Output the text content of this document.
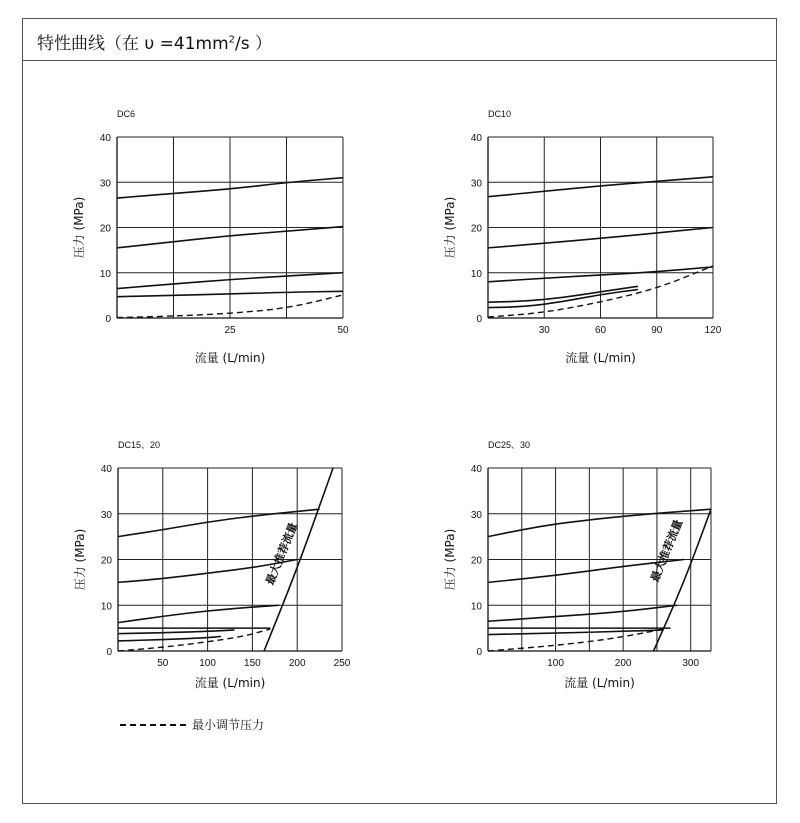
特性曲线（在 $\upsilon =41mm^2/s$ ）
0
10
20
30
40
25	50
DC6
流量 (L/min)
压力 (MPa)
0
10
20
30
40
30	60	90	120
DC10
流量 (L/min)
压力 (MPa)
0
10
20
30
40
50	100	150	200	250
DC15、20
流量 (L/min)
压力 (MPa)	最大推荐流量
0
10
20
30
40
100	200	300
DC25、30
流量 (L/min)
压力 (MPa)	最大推荐流量
最小调节压力
